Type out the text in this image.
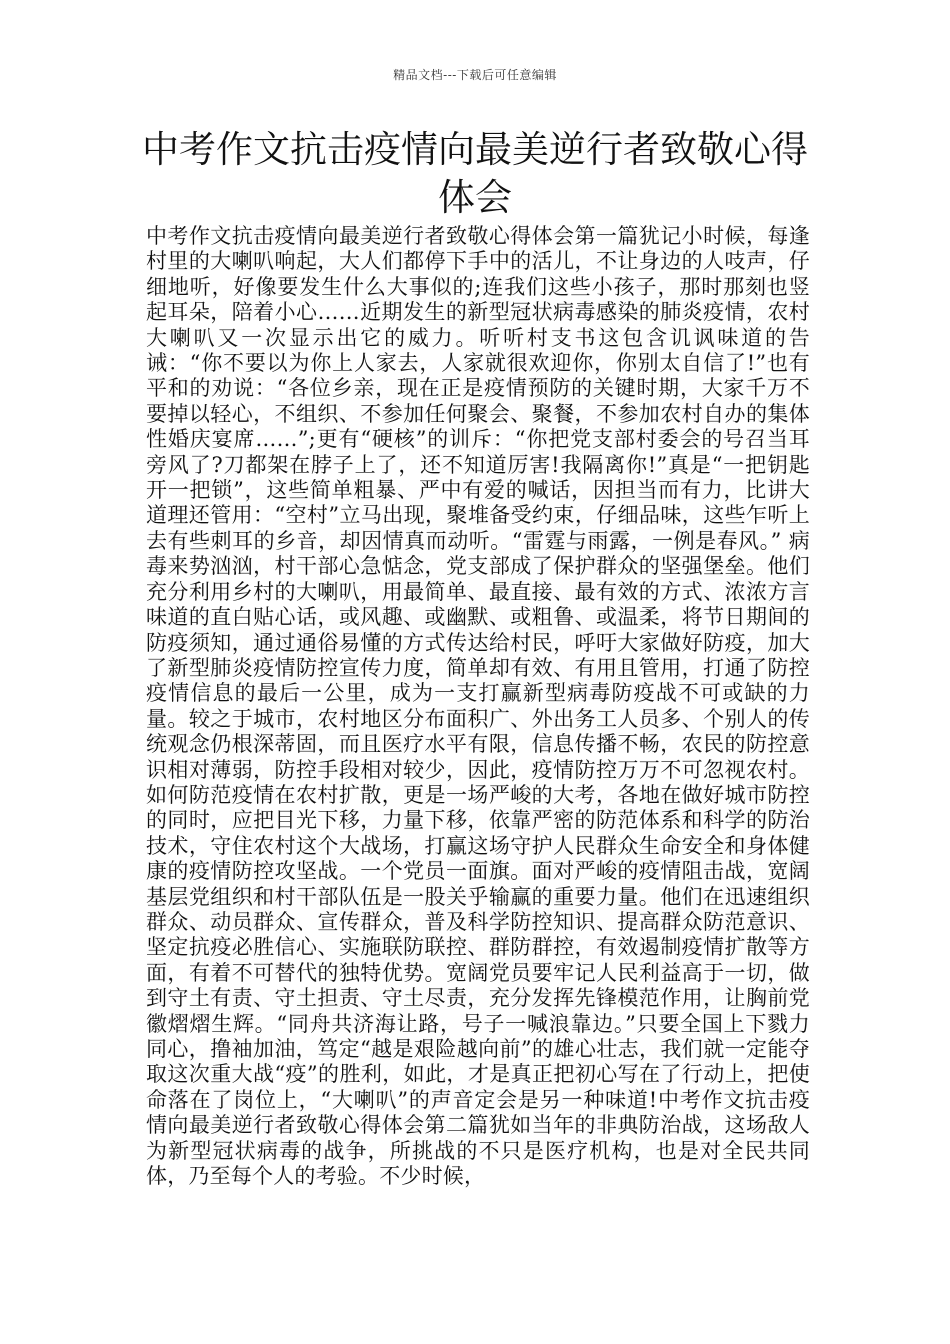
精品文档---下载后可任意编辑
中考作文抗击疫情向最美逆行者致敬心得体会

中考作文抗击疫情向最美逆行者致敬心得体会第一篇犹记小时候，每逢村里的大喇叭响起，大人们都停下手中的活儿，不让身边的人吱声，仔细地听，好像要发生什么大事似的;连我们这些小孩子，那时那刻也竖起耳朵，陪着小心……近期发生的新型冠状病毒感染的肺炎疫情，农村大喇叭又一次显示出它的威力。听听村支书这包含讥讽味道的告诫：“你不要以为你上人家去，人家就很欢迎你，你别太自信了!”也有平和的劝说：“各位乡亲，现在正是疫情预防的关键时期，大家千万不要掉以轻心，不组织、不参加任何聚会、聚餐，不参加农村自办的集体性婚庆宴席……”;更有“硬核”的训斥：“你把党支部村委会的号召当耳旁风了?刀都架在脖子上了，还不知道厉害!我隔离你!”真是“一把钥匙开一把锁”，这些简单粗暴、严中有爱的喊话，因担当而有力，比讲大道理还管用：“空村”立马出现，聚堆备受约束，仔细品味，这些乍听上去有些刺耳的乡音，却因情真而动听。“雷霆与雨露，一例是春风。” 病毒来势汹汹，村干部心急惦念，党支部成了保护群众的坚强堡垒。他们充分利用乡村的大喇叭，用最简单、最直接、最有效的方式、浓浓方言味道的直白贴心话，或风趣、或幽默、或粗鲁、或温柔，将节日期间的防疫须知，通过通俗易懂的方式传达给村民，呼吁大家做好防疫，加大了新型肺炎疫情防控宣传力度，简单却有效、有用且管用，打通了防控疫情信息的最后一公里，成为一支打赢新型病毒防疫战不可或缺的力量。较之于城市，农村地区分布面积广、外出务工人员多、个别人的传统观念仍根深蒂固，而且医疗水平有限，信息传播不畅，农民的防控意识相对薄弱，防控手段相对较少，因此，疫情防控万万不可忽视农村。如何防范疫情在农村扩散，更是一场严峻的大考，各地在做好城市防控的同时，应把目光下移，力量下移，依靠严密的防范体系和科学的防治技术，守住农村这个大战场，打赢这场守护人民群众生命安全和身体健康的疫情防控攻坚战。一个党员一面旗。面对严峻的疫情阻击战，宽阔基层党组织和村干部队伍是一股关乎输赢的重要力量。他们在迅速组织群众、动员群众、宣传群众，普及科学防控知识、提高群众防范意识、坚定抗疫必胜信心、实施联防联控、群防群控，有效遏制疫情扩散等方面，有着不可替代的独特优势。宽阔党员要牢记人民利益高于一切，做到守土有责、守土担责、守土尽责，充分发挥先锋模范作用，让胸前党徽熠熠生辉。“同舟共济海让路，号子一喊浪靠边。”只要全国上下戮力同心，撸袖加油，笃定“越是艰险越向前”的雄心壮志，我们就一定能夺取这次重大战“疫”的胜利，如此，才是真正把初心写在了行动上，把使命落在了岗位上，“大喇叭”的声音定会是另一种味道!中考作文抗击疫情向最美逆行者致敬心得体会第二篇犹如当年的非典防治战，这场敌人为新型冠状病毒的战争，所挑战的不只是医疗机构，也是对全民共同体，乃至每个人的考验。不少时候，
